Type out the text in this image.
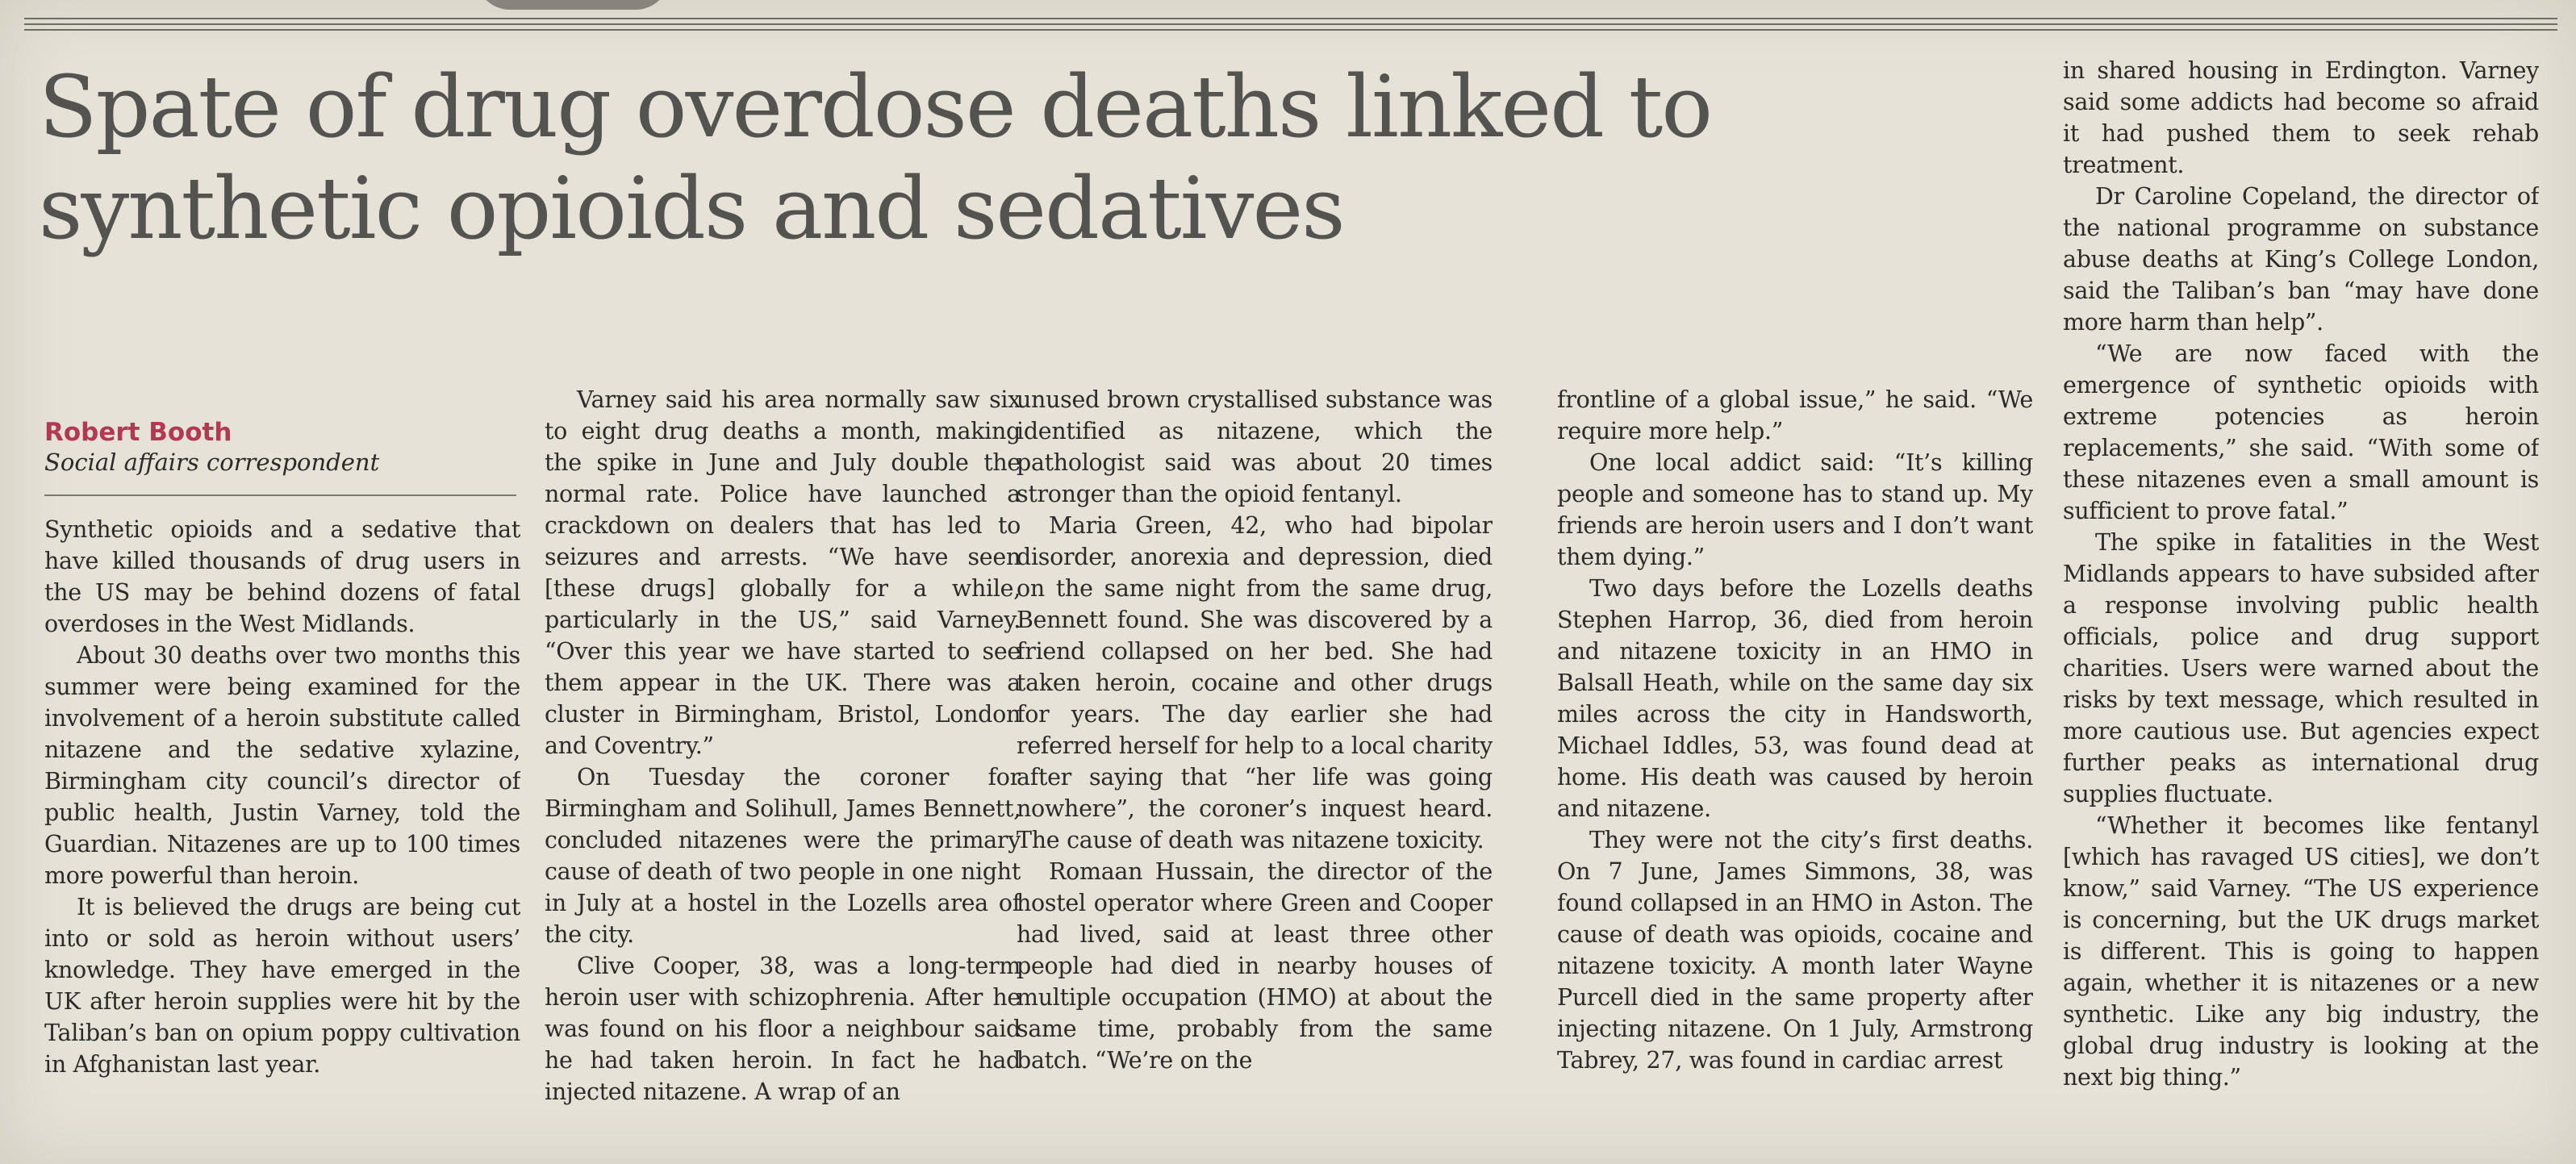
Spate of drug overdose deaths linked to synthetic opioids and sedatives
Robert Booth
Social affairs correspondent

Synthetic opioids and a sedative that have killed thousands of drug users in the US may be behind dozens of fatal overdoses in the West Midlands.

About 30 deaths over two months this summer were being examined for the involvement of a heroin substitute called nitazene and the sedative xylazine, Birmingham city council’s director of public health, Justin Varney, told the Guardian. Nitazenes are up to 100 times more powerful than heroin.

It is believed the drugs are being cut into or sold as heroin without users’ knowledge. They have emerged in the UK after heroin supplies were hit by the Taliban’s ban on opium poppy cultivation in Afghanistan last year.

Varney said his area normally saw six to eight drug deaths a month, making the spike in June and July double the normal rate. Police have launched a crackdown on dealers that has led to seizures and arrests. “We have seen [these drugs] globally for a while, particularly in the US,” said Varney. “Over this year we have started to see them appear in the UK. There was a cluster in Birmingham, Bristol, London and Coventry.”

On Tuesday the coroner for Birmingham and Solihull, James Bennett, concluded nitazenes were the primary cause of death of two people in one night in July at a hostel in the Lozells area of the city.

Clive Cooper, 38, was a long-term heroin user with schizophrenia. After he was found on his floor a neighbour said he had taken heroin. In fact he had injected nitazene. A wrap of an

unused brown crystallised substance was identified as nitazene, which the pathologist said was about 20 times stronger than the opioid fentanyl.

Maria Green, 42, who had bipolar disorder, anorexia and depression, died on the same night from the same drug, Bennett found. She was discovered by a friend collapsed on her bed. She had taken heroin, cocaine and other drugs for years. The day earlier she had referred herself for help to a local charity after saying that “her life was going nowhere”, the coroner’s inquest heard. The cause of death was nitazene toxicity.

Romaan Hussain, the director of the hostel operator where Green and Cooper had lived, said at least three other people had died in nearby houses of multiple occupation (HMO) at about the same time, probably from the same batch. “We’re on the

frontline of a global issue,” he said. “We require more help.”

One local addict said: “It’s killing people and someone has to stand up. My friends are heroin users and I don’t want them dying.”

Two days before the Lozells deaths Stephen Harrop, 36, died from heroin and nitazene toxicity in an HMO in Balsall Heath, while on the same day six miles across the city in Handsworth, Michael Iddles, 53, was found dead at home. His death was caused by heroin and nitazene.

They were not the city’s first deaths. On 7 June, James Simmons, 38, was found collapsed in an HMO in Aston. The cause of death was opioids, cocaine and nitazene toxicity. A month later Wayne Purcell died in the same property after injecting nitazene. On 1 July, Armstrong Tabrey, 27, was found in cardiac arrest

in shared housing in Erdington. Varney said some addicts had become so afraid it had pushed them to seek rehab treatment.

Dr Caroline Copeland, the director of the national programme on substance abuse deaths at King’s College London, said the Taliban’s ban “may have done more harm than help”.

“We are now faced with the emergence of synthetic opioids with extreme potencies as heroin replacements,” she said. “With some of these nitazenes even a small amount is sufficient to prove fatal.”

The spike in fatalities in the West Midlands appears to have subsided after a response involving public health officials, police and drug support charities. Users were warned about the risks by text message, which resulted in more cautious use. But agencies expect further peaks as international drug supplies fluctuate.

“Whether it becomes like fentanyl [which has ravaged US cities], we don’t know,” said Varney. “The US experience is concerning, but the UK drugs market is different. This is going to happen again, whether it is nitazenes or a new synthetic. Like any big industry, the global drug industry is looking at the next big thing.”
